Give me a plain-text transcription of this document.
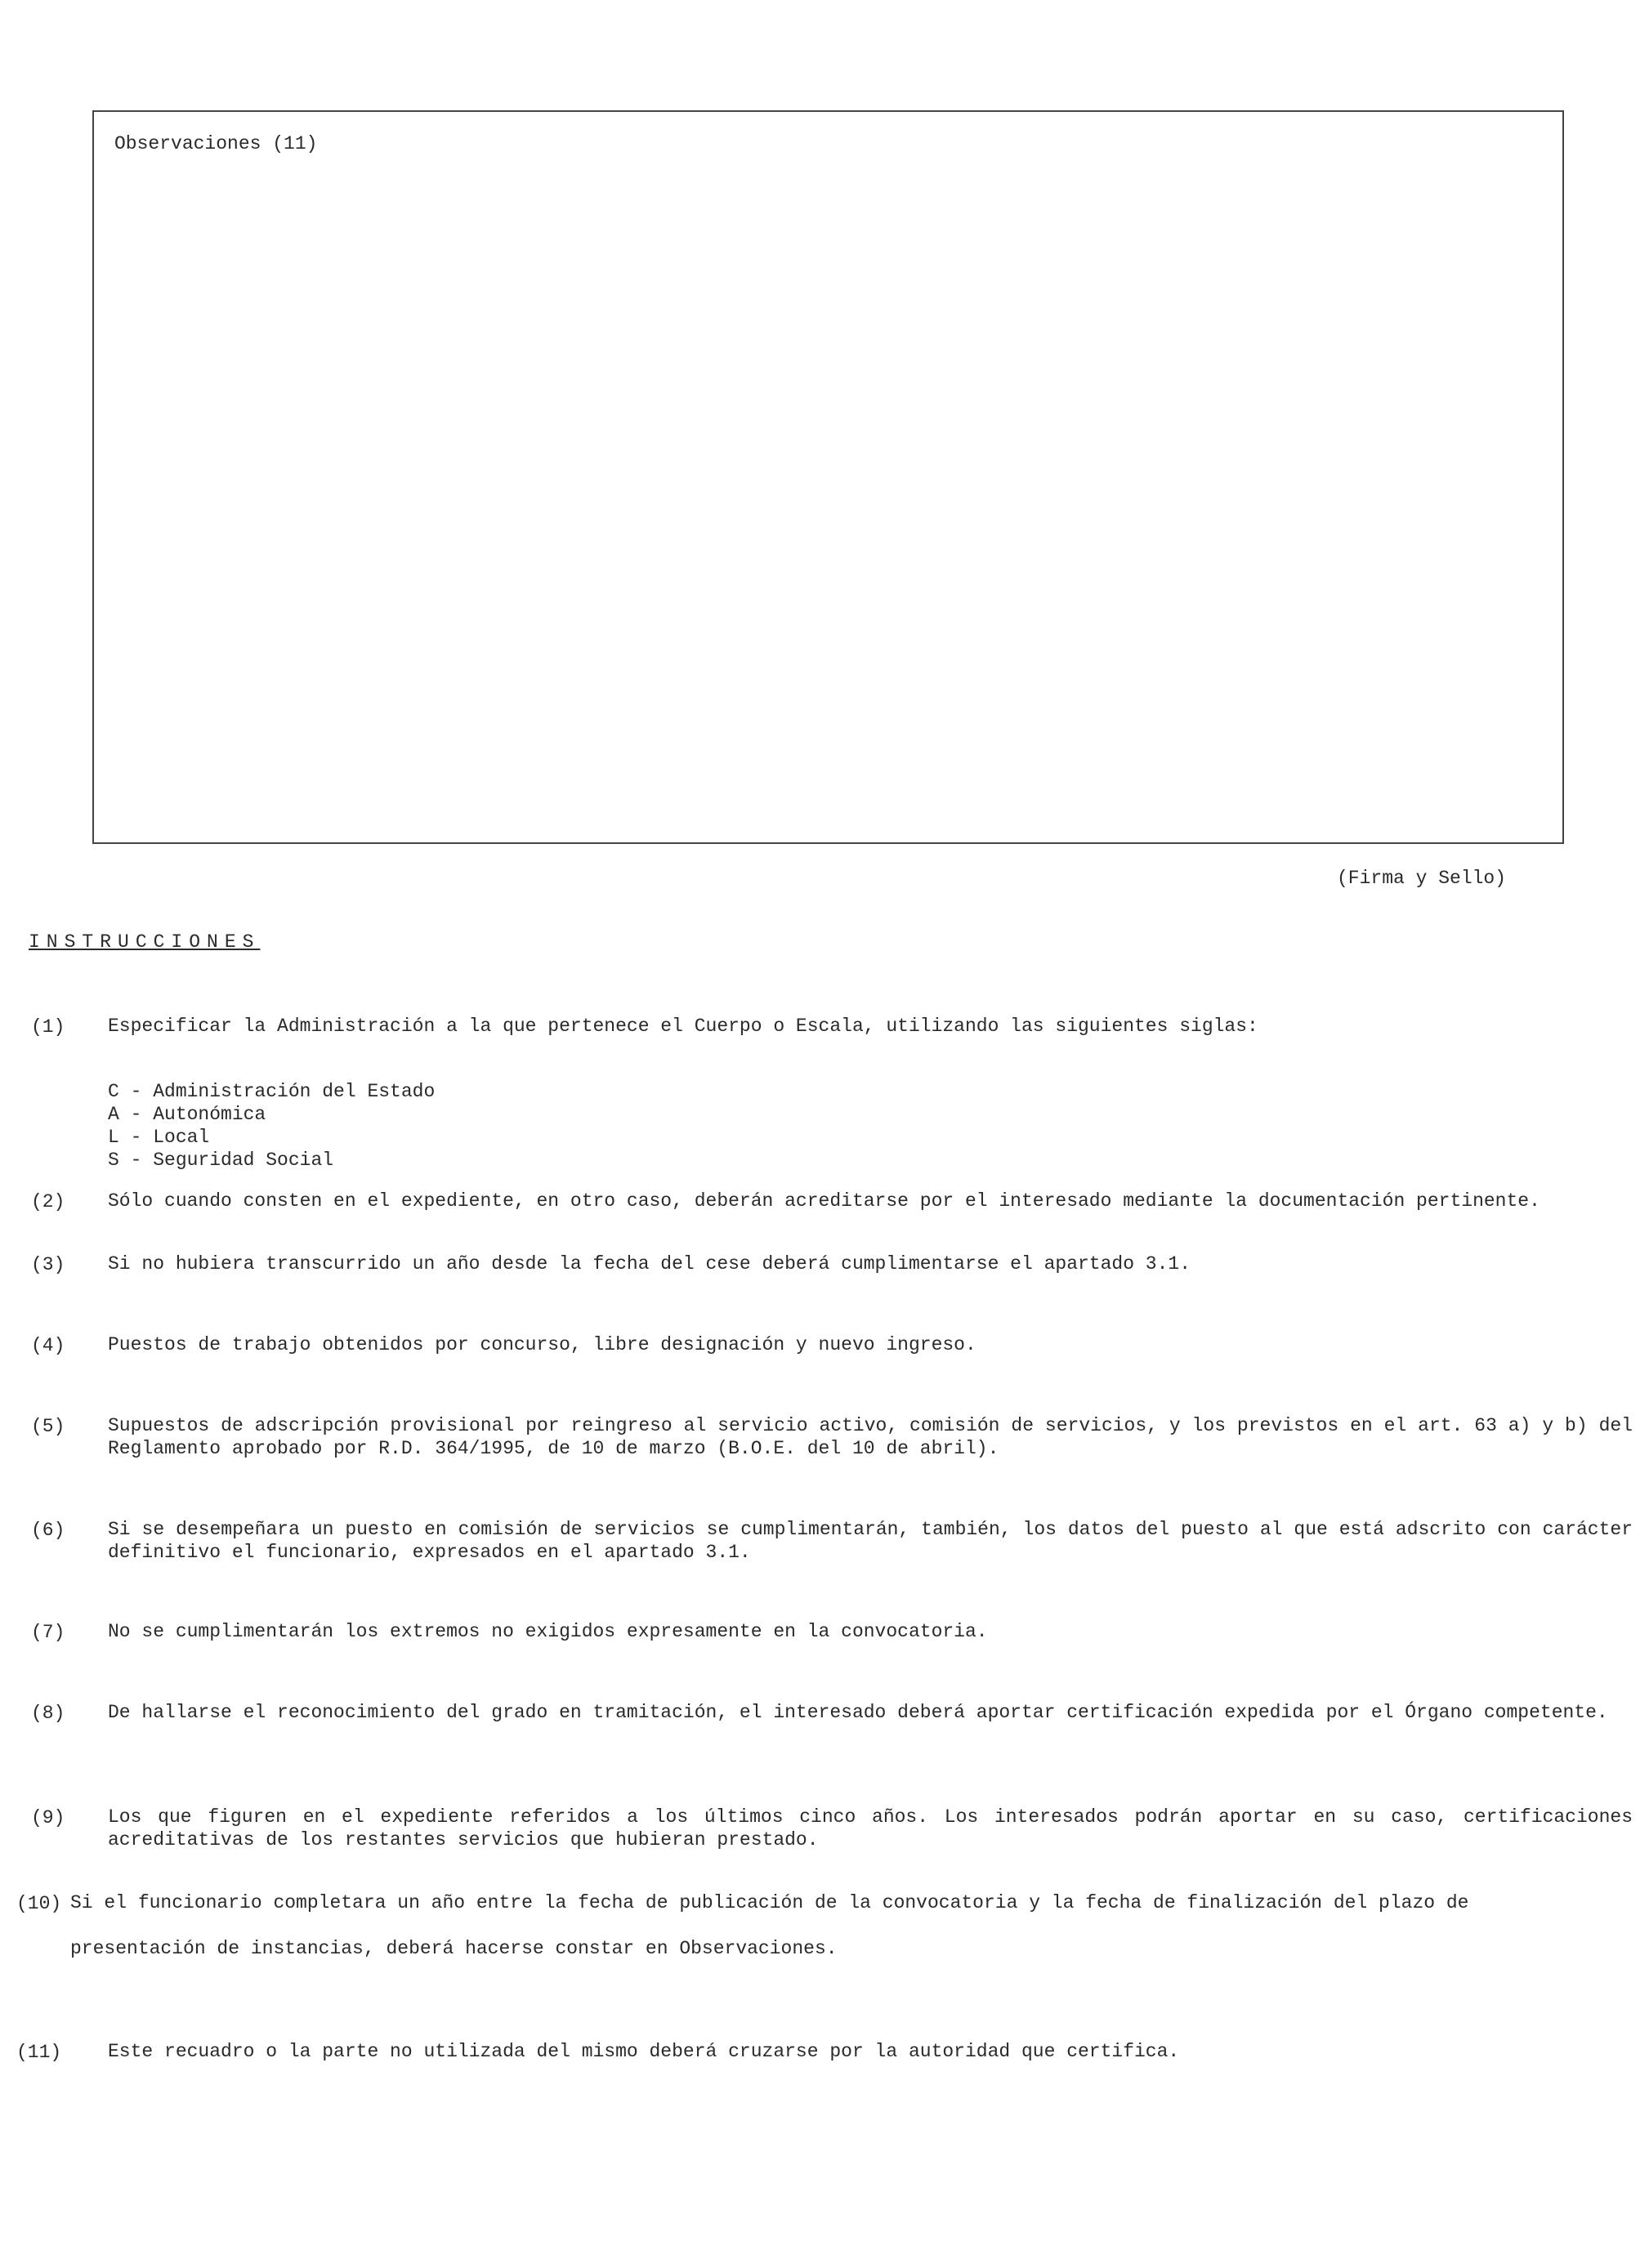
Observaciones (11)
(Firma y Sello)
INSTRUCCIONES
(1) Especificar la Administración a la que pertenece el Cuerpo o Escala, utilizando las siguientes siglas:
C - Administración del Estado
A - Autonómica
L - Local
S - Seguridad Social
(2) Sólo cuando consten en el expediente, en otro caso, deberán acreditarse por el interesado mediante la documentación pertinente.
(3) Si no hubiera transcurrido un año desde la fecha del cese deberá cumplimentarse el apartado 3.1.
(4) Puestos de trabajo obtenidos por concurso, libre designación y nuevo ingreso.
(5) Supuestos de adscripción provisional por reingreso al servicio activo, comisión de servicios, y los previstos en el art. 63 a) y b) del Reglamento aprobado por R.D. 364/1995, de 10 de marzo (B.O.E. del 10 de abril).
(6) Si se desempeñara un puesto en comisión de servicios se cumplimentarán, también, los datos del puesto al que está adscrito con carácter definitivo el funcionario, expresados en el apartado 3.1.
(7) No se cumplimentarán los extremos no exigidos expresamente en la convocatoria.
(8) De hallarse el reconocimiento del grado en tramitación, el interesado deberá aportar certificación expedida por el Órgano competente.
(9) Los que figuren en el expediente referidos a los últimos cinco años. Los interesados podrán aportar en su caso, certificaciones acreditativas de los restantes servicios que hubieran prestado.
(10) Si el funcionario completara un año entre la fecha de publicación de la convocatoria y la fecha de finalización del plazo de
presentación de instancias, deberá hacerse constar en Observaciones.
(11) Este recuadro o la parte no utilizada del mismo deberá cruzarse por la autoridad que certifica.
